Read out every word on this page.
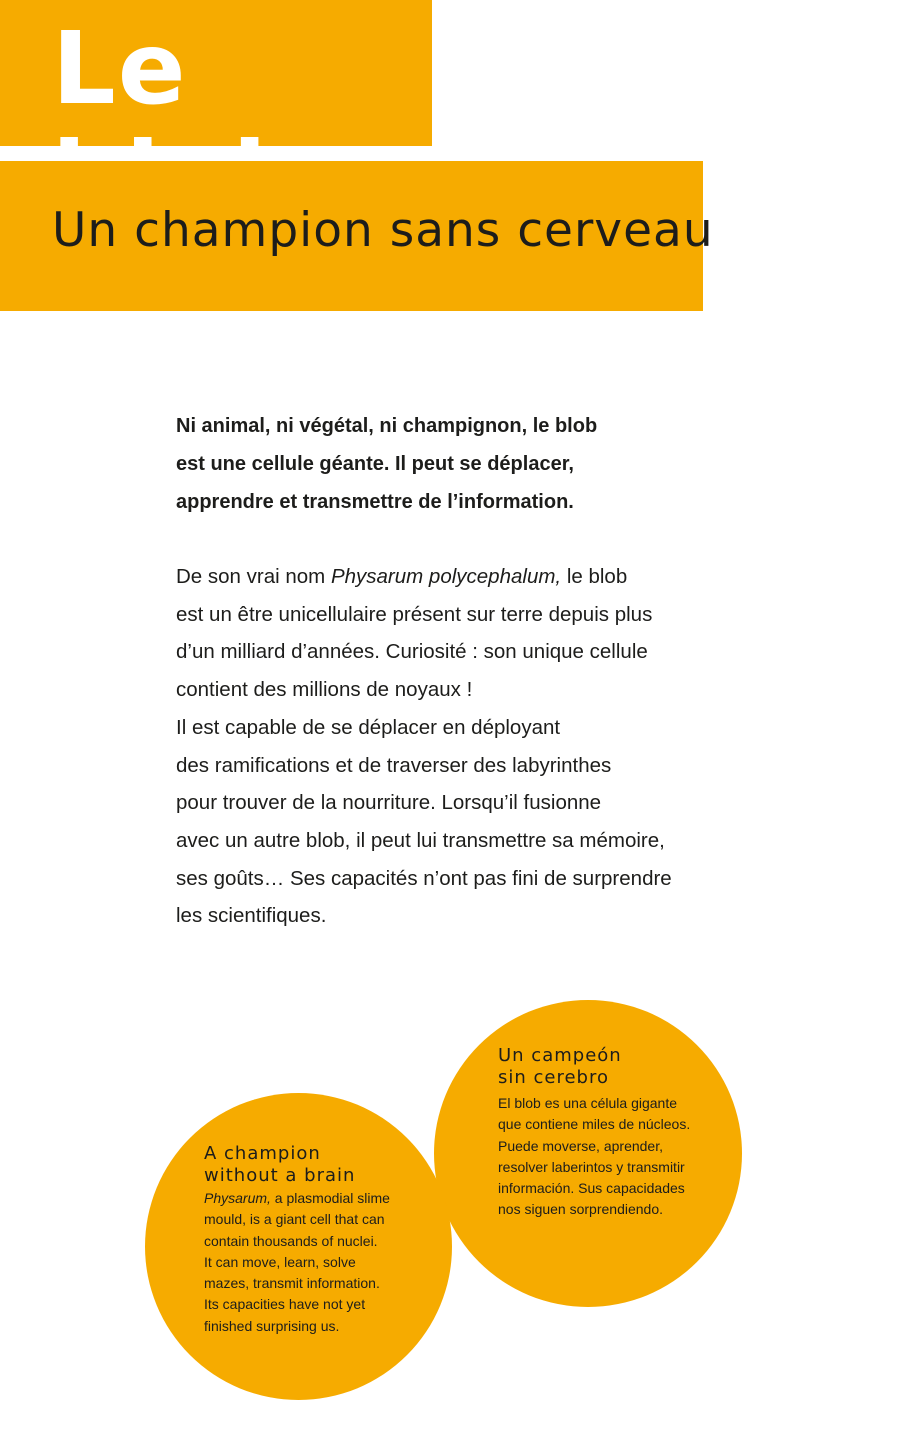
Le
Un champion sans cerveau

Ni animal, ni végétal, ni champignon, le blob
est une cellule géante. Il peut se déplacer,
apprendre et transmettre de l’information.

De son vrai nom Physarum polycephalum, le blob
est un être unicellulaire présent sur terre depuis plus
d’un milliard d’années. Curiosité : son unique cellule
contient des millions de noyaux !
Il est capable de se déplacer en déployant
des ramifications et de traverser des labyrinthes
pour trouver de la nourriture. Lorsqu’il fusionne
avec un autre blob, il peut lui transmettre sa mémoire,
ses goûts… Ses capacités n’ont pas fini de surprendre
les scientifiques.

Un campeón
sin cerebro

El blob es una célula gigante
que contiene miles de núcleos.
Puede moverse, aprender,
resolver laberintos y transmitir
información. Sus capacidades
nos siguen sorprendiendo.

A champion
without a brain

Physarum, a plasmodial slime
mould, is a giant cell that can
contain thousands of nuclei.
It can move, learn, solve
mazes, transmit information.
Its capacities have not yet
finished surprising us.
